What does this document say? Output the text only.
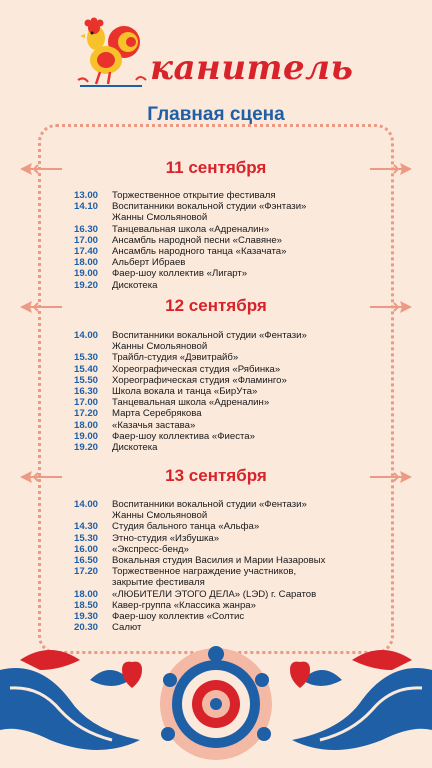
канитель
Главная сцена
11 сентября
13.00	Торжественное открытие фестиваля
14.10	Воспитанники вокальной студии «Фэнтази»
Жанны Смольяновой
16.30	Танцевальная школа «Адреналин»
17.00	Ансамбль народной песни «Славяне»
17.40	Ансамбль народного танца «Казачата»
18.00	Альберт Ибраев
19.00	Фаер-шоу коллектив «Лигарт»
19.20	Дискотека
12 сентября
14.00	Воспитанники вокальной студии «Фентази»
Жанны Смольяновой
15.30	Трайбл-студия «Дэвитрайб»
15.40	Хореографическая студия «Рябинка»
15.50	Хореографическая студия «Фламинго»
16.30	Школа вокала и танца «БирУта»
17.00	Танцевальная школа «Адреналин»
17.20	Марта Серебрякова
18.00	«Казачья застава»
19.00	Фаер-шоу коллектива «Фиеста»
19.20	Дискотека
13 сентября
14.00	Воспитанники вокальной студии «Фентази»
Жанны Смольяновой
14.30	Студия бального танца «Альфа»
15.30	Этно-студия «Избушка»
16.00	«Экспресс-бенд»
16.50	Вокальная студия Василия и Марии Назаровых
17.20	Торжественное награждение участников,
закрытие фестиваля
18.00	«ЛЮБИТЕЛИ ЭТОГО ДЕЛА» (LЭD) г. Саратов
18.50	Кавер-группа «Классика жанра»
19.30	Фаер-шоу коллектив «Солтис
20.30	Салют
